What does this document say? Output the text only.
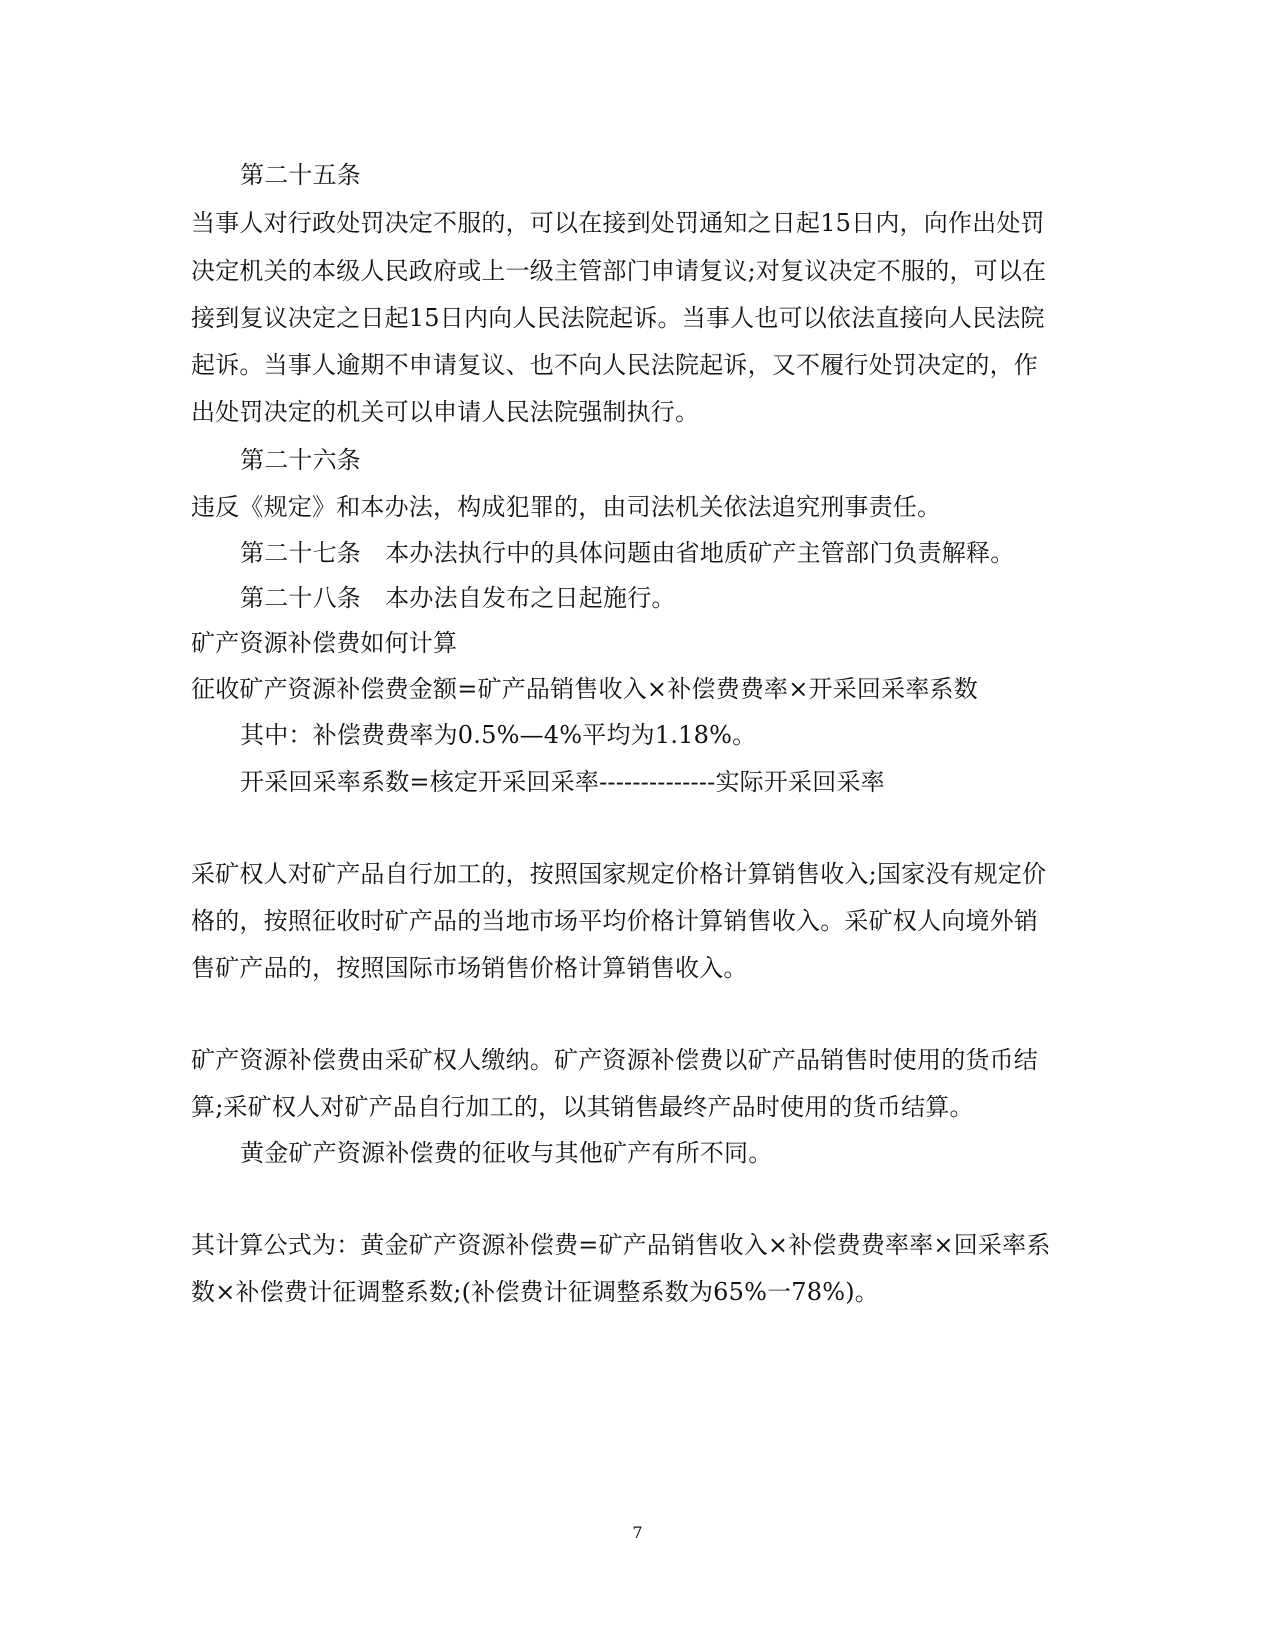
第二十五条
当事人对行政处罚决定不服的，可以在接到处罚通知之日起15日内，向作出处罚
决定机关的本级人民政府或上一级主管部门申请复议;对复议决定不服的，可以在
接到复议决定之日起15日内向人民法院起诉。当事人也可以依法直接向人民法院
起诉。当事人逾期不申请复议、也不向人民法院起诉，又不履行处罚决定的，作
出处罚决定的机关可以申请人民法院强制执行。
第二十六条
违反《规定》和本办法，构成犯罪的，由司法机关依法追究刑事责任。
第二十七条　本办法执行中的具体问题由省地质矿产主管部门负责解释。
第二十八条　本办法自发布之日起施行。
矿产资源补偿费如何计算
征收矿产资源补偿费金额=矿产品销售收入×补偿费费率×开采回采率系数
其中：补偿费费率为0.5%—4%平均为1.18%。
开采回采率系数=核定开采回采率--------------实际开采回采率
采矿权人对矿产品自行加工的，按照国家规定价格计算销售收入;国家没有规定价
格的，按照征收时矿产品的当地市场平均价格计算销售收入。采矿权人向境外销
售矿产品的，按照国际市场销售价格计算销售收入。
矿产资源补偿费由采矿权人缴纳。矿产资源补偿费以矿产品销售时使用的货币结
算;采矿权人对矿产品自行加工的，以其销售最终产品时使用的货币结算。
黄金矿产资源补偿费的征收与其他矿产有所不同。
其计算公式为：黄金矿产资源补偿费=矿产品销售收入×补偿费费率率×回采率系
数×补偿费计征调整系数;(补偿费计征调整系数为65%一78%)。
7
